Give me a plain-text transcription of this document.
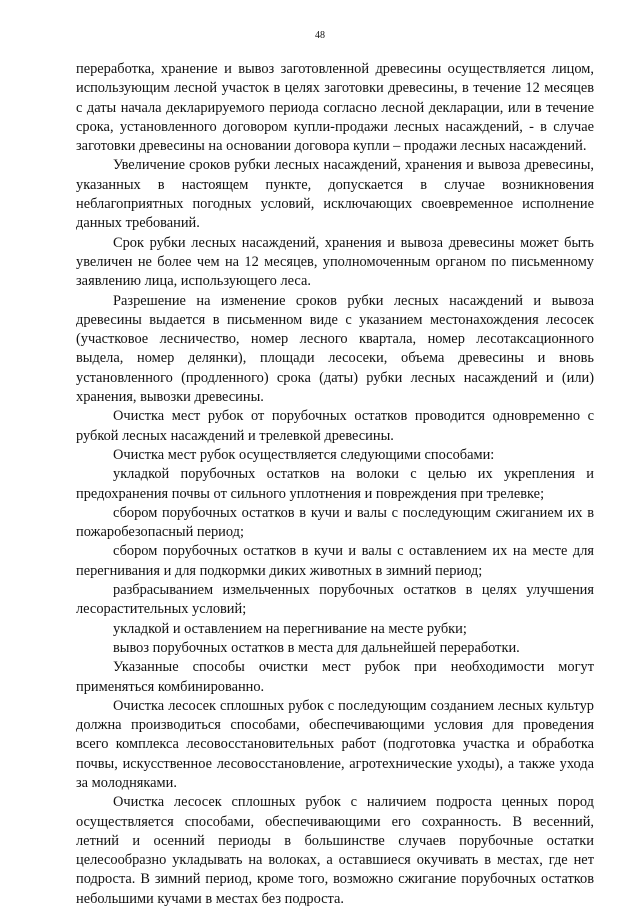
48

переработка, хранение и вывоз заготовленной древесины осуществляется лицом, использующим лесной участок в целях заготовки древесины, в течение 12 месяцев с даты начала декларируемого периода согласно лесной декларации, или в течение срока, установленного договором купли-продажи лесных насаждений, - в случае заготовки древесины на основании договора купли – продажи лесных насаждений.

Увеличение сроков рубки лесных насаждений, хранения и вывоза древесины, указанных в настоящем пункте, допускается в случае возникновения неблагоприятных погодных условий, исключающих своевременное исполнение данных требований.

Срок рубки лесных насаждений, хранения и вывоза древесины может быть увеличен не более чем на 12 месяцев, уполномоченным органом по письменному заявлению лица, использующего леса.

Разрешение на изменение сроков рубки лесных насаждений и вывоза древесины выдается в письменном виде с указанием местонахождения лесосек (участковое лесничество, номер лесного квартала, номер лесотаксационного выдела, номер делянки), площади лесосеки, объема древесины и вновь установленного (продленного) срока (даты) рубки лесных насаждений и (или) хранения, вывозки древесины.

Очистка мест рубок от порубочных остатков проводится одновременно с рубкой лесных насаждений и трелевкой древесины.

Очистка мест рубок осуществляется следующими способами:

укладкой порубочных остатков на волоки с целью их укрепления и предохранения почвы от сильного уплотнения и повреждения при трелевке;

сбором порубочных остатков в кучи и валы с последующим сжиганием их в пожаробезопасный период;

сбором порубочных остатков в кучи и валы с оставлением их на месте для перегнивания и для подкормки диких животных в зимний период;

разбрасыванием измельченных порубочных остатков в целях улучшения лесорастительных условий;

укладкой и оставлением на перегнивание на месте рубки;

вывоз порубочных остатков в места для дальнейшей переработки.

Указанные способы очистки мест рубок при необходимости могут применяться комбинированно.

Очистка лесосек сплошных рубок с последующим созданием лесных культур должна производиться способами, обеспечивающими условия для проведения всего комплекса лесовосстановительных работ (подготовка участка и обработка почвы, искусственное лесовосстановление, агротехнические уходы), а также ухода за молодняками.

Очистка лесосек сплошных рубок с наличием подроста ценных пород осуществляется способами, обеспечивающими его сохранность. В весенний, летний и осенний периоды в большинстве случаев порубочные остатки целесообразно укладывать на волоках, а оставшиеся окучивать в местах, где нет подроста. В зимний период, кроме того, возможно сжигание порубочных остатков небольшими кучами в местах без подроста.
